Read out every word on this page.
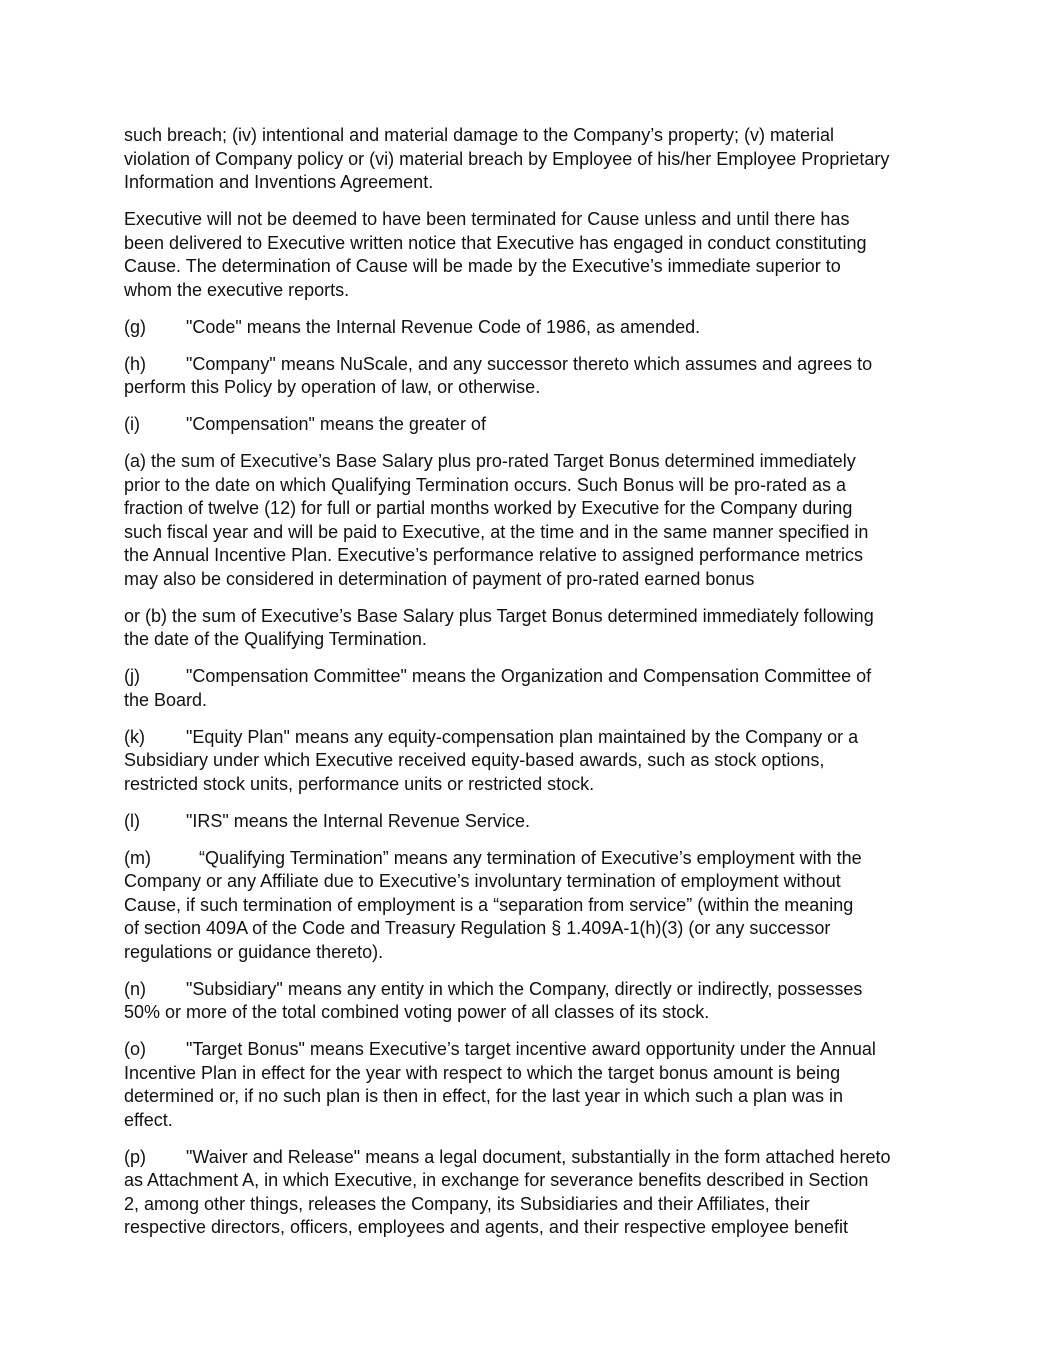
such breach; (iv) intentional and material damage to the Company’s property; (v) material
violation of Company policy or (vi) material breach by Employee of his/her Employee Proprietary
Information and Inventions Agreement.

Executive will not be deemed to have been terminated for Cause unless and until there has
been delivered to Executive written notice that Executive has engaged in conduct constituting
Cause. The determination of Cause will be made by the Executive’s immediate superior to
whom the executive reports.

(g) "Code" means the Internal Revenue Code of 1986, as amended.

(h) "Company" means NuScale, and any successor thereto which assumes and agrees to
perform this Policy by operation of law, or otherwise.

(i)	"Compensation" means the greater of

(a) the sum of Executive’s Base Salary plus pro-rated Target Bonus determined immediately
prior to the date on which Qualifying Termination occurs. Such Bonus will be pro-rated as a
fraction of twelve (12) for full or partial months worked by Executive for the Company during
such fiscal year and will be paid to Executive, at the time and in the same manner specified in
the Annual Incentive Plan. Executive’s performance relative to assigned performance metrics
may also be considered in determination of payment of pro-rated earned bonus

or (b) the sum of Executive’s Base Salary plus Target Bonus determined immediately following
the date of the Qualifying Termination.

(j)	"Compensation Committee" means the Organization and Compensation Committee of
the Board.

(k) "Equity Plan" means any equity-compensation plan maintained by the Company or a
Subsidiary under which Executive received equity-based awards, such as stock options,
restricted stock units, performance units or restricted stock.

(l)	"IRS" means the Internal Revenue Service.

(m)	“Qualifying Termination” means any termination of Executive’s employment with the
Company or any Affiliate due to Executive’s involuntary termination of employment without
Cause, if such termination of employment is a “separation from service” (within the meaning
of section 409A of the Code and Treasury Regulation § 1.409A-1(h)(3) (or any successor
regulations or guidance thereto).

(n) "Subsidiary" means any entity in which the Company, directly or indirectly, possesses
50% or more of the total combined voting power of all classes of its stock.

(o) "Target Bonus" means Executive’s target incentive award opportunity under the Annual
Incentive Plan in effect for the year with respect to which the target bonus amount is being
determined or, if no such plan is then in effect, for the last year in which such a plan was in
effect.

(p) "Waiver and Release" means a legal document, substantially in the form attached hereto
as Attachment A, in which Executive, in exchange for severance benefits described in Section
2, among other things, releases the Company, its Subsidiaries and their Affiliates, their
respective directors, officers, employees and agents, and their respective employee benefit
